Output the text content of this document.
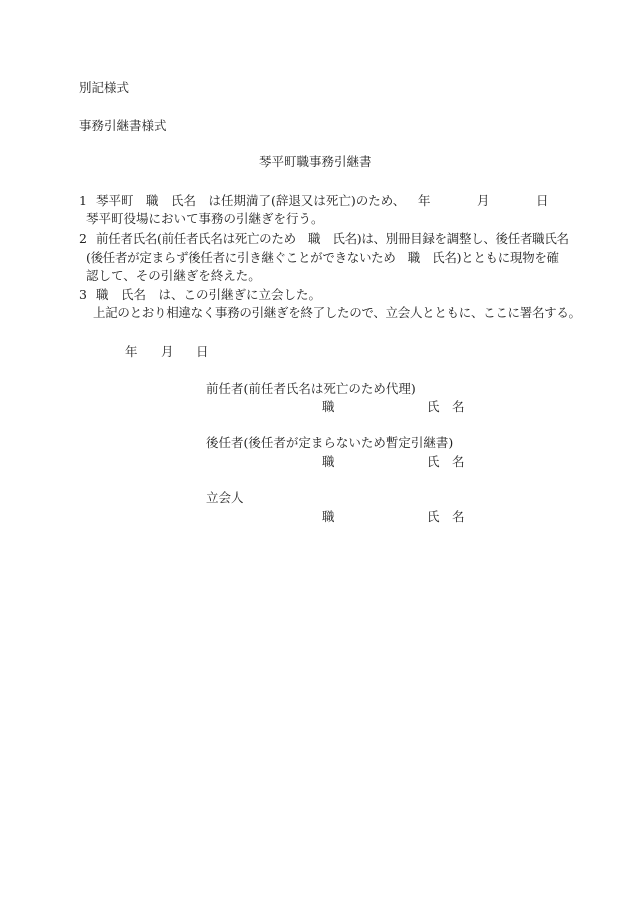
別記様式
事務引継書様式
琴平町職事務引継書
1 琴平町　職　氏名　は任期満了(辞退又は死亡)のため、 年	月	日
琴平町役場において事務の引継ぎを行う。
2 前任者氏名(前任者氏名は死亡のため　職　氏名)は、別冊目録を調整し、後任者職氏名
(後任者が定まらず後任者に引き継ぐことができないため　職　氏名)とともに現物を確
認して、その引継ぎを終えた。
3 職　氏名　は、この引継ぎに立会した。
上記のとおり相違なく事務の引継ぎを終了したので、立会人とともに、ここに署名する。
年 月 日
前任者(前任者氏名は死亡のため代理)
職	氏　名
後任者(後任者が定まらないため暫定引継書)
職	氏　名
立会人
職	氏　名
